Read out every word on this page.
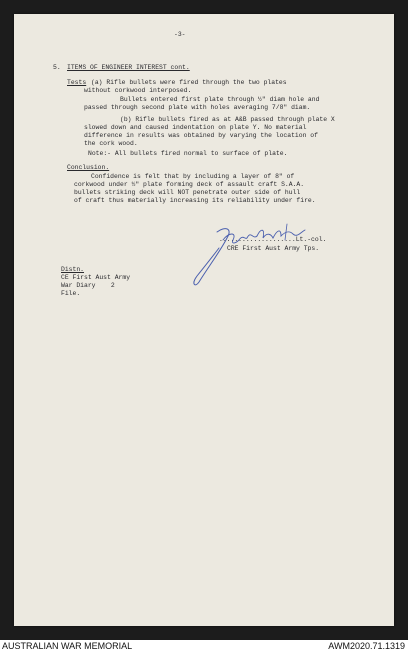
-3-
5. ITEMS OF ENGINEER INTEREST cont.
Tests (a) Rifle bullets were fired through the two plates
without corkwood interposed.
Bullets entered first plate through ½" diam hole and
passed through second plate with holes averaging 7/8" diam.
(b) Rifle bullets fired as at A&B passed through plate X
slowed down and caused indentation on plate Y. No material
difference in results was obtained by varying the location of
the cork wood.
Note:- All bullets fired normal to surface of plate.
Conclusion.
Confidence is felt that by including a layer of 8" of
corkwood under ½" plate forming deck of assault craft S.A.A.
bullets striking deck will NOT penetrate outer side of hull
of craft thus materially increasing its reliability under fire.
....................Lt.-col.
CRE First Aust Army Tps.
Distn.
CE First Aust Army
War Diary    2
File.
AUSTRALIAN WAR MEMORIAL	AWM2020.71.1319
